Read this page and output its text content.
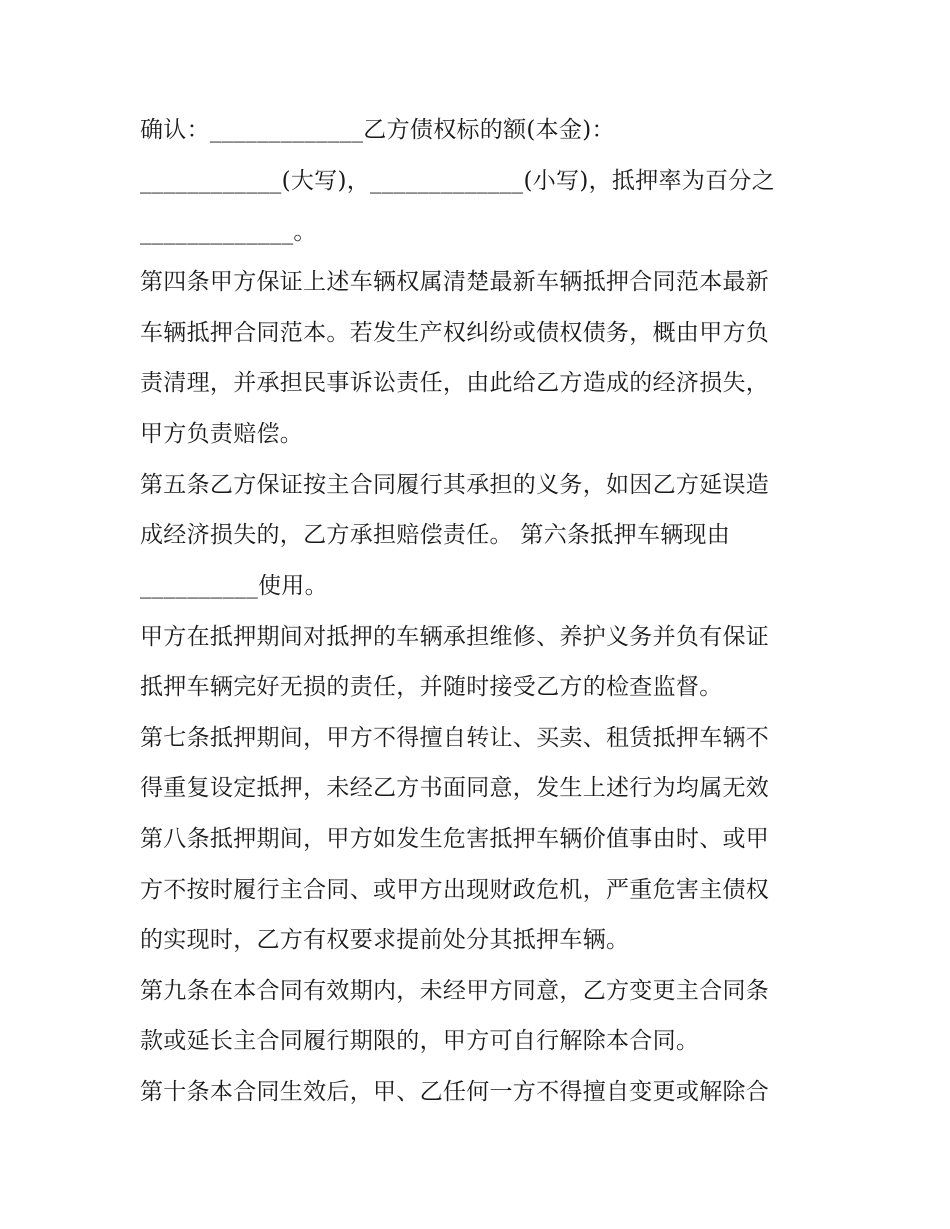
确认：_____________乙方债权标的额(本金)：
____________(大写)，_____________(小写)，抵押率为百分之
_____________。
第四条甲方保证上述车辆权属清楚最新车辆抵押合同范本最新
车辆抵押合同范本。若发生产权纠纷或债权债务，概由甲方负
责清理，并承担民事诉讼责任，由此给乙方造成的经济损失，
甲方负责赔偿。
第五条乙方保证按主合同履行其承担的义务，如因乙方延误造
成经济损失的，乙方承担赔偿责任。 第六条抵押车辆现由
__________使用。
甲方在抵押期间对抵押的车辆承担维修、养护义务并负有保证
抵押车辆完好无损的责任，并随时接受乙方的检查监督。
第七条抵押期间，甲方不得擅自转让、买卖、租赁抵押车辆不
得重复设定抵押，未经乙方书面同意，发生上述行为均属无效
第八条抵押期间，甲方如发生危害抵押车辆价值事由时、或甲
方不按时履行主合同、或甲方出现财政危机，严重危害主债权
的实现时，乙方有权要求提前处分其抵押车辆。
第九条在本合同有效期内，未经甲方同意，乙方变更主合同条
款或延长主合同履行期限的，甲方可自行解除本合同。
第十条本合同生效后，甲、乙任何一方不得擅自变更或解除合
